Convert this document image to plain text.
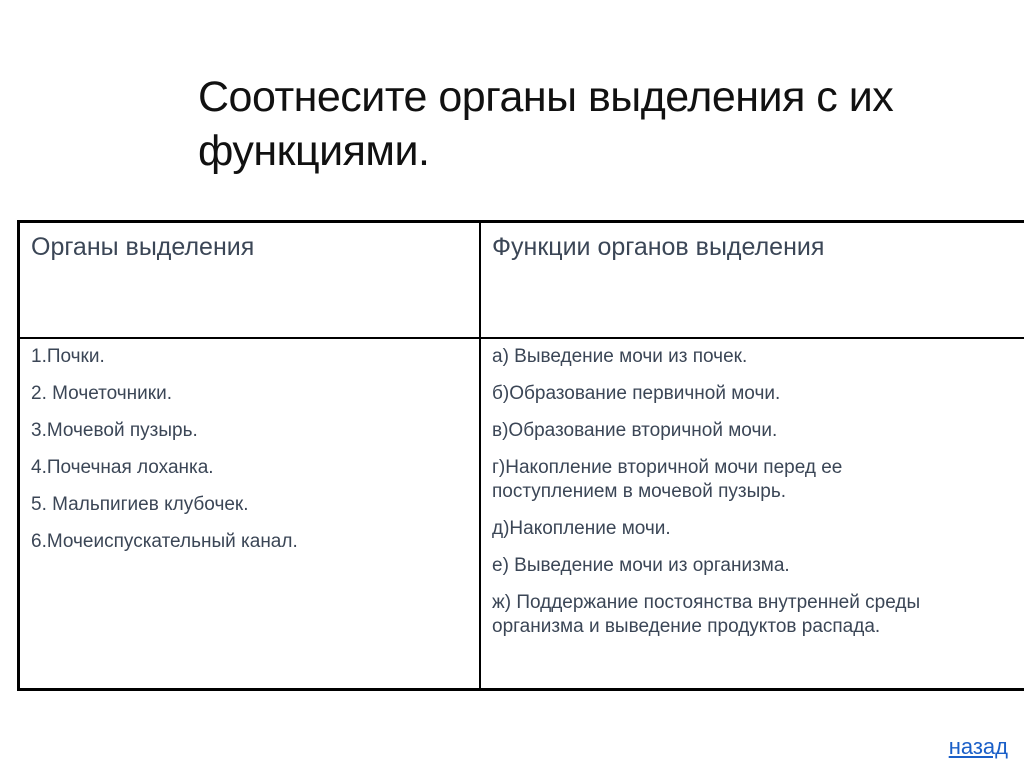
Соотнесите органы выделения с их функциями.
Органы выделения	Функции органов выделения
1.Почки.
2. Мочеточники.
3.Мочевой пузырь.
4.Почечная лоханка.
5. Мальпигиев клубочек.
6.Мочеиспускательный канал.
а) Выведение мочи из почек.
б)Образование первичной мочи.
в)Образование вторичной мочи.
г)Накопление вторичной мочи перед ее поступлением в мочевой пузырь.
д)Накопление мочи.
е) Выведение мочи из организма.
ж) Поддержание постоянства внутренней среды организма и выведение продуктов распада.
назад
